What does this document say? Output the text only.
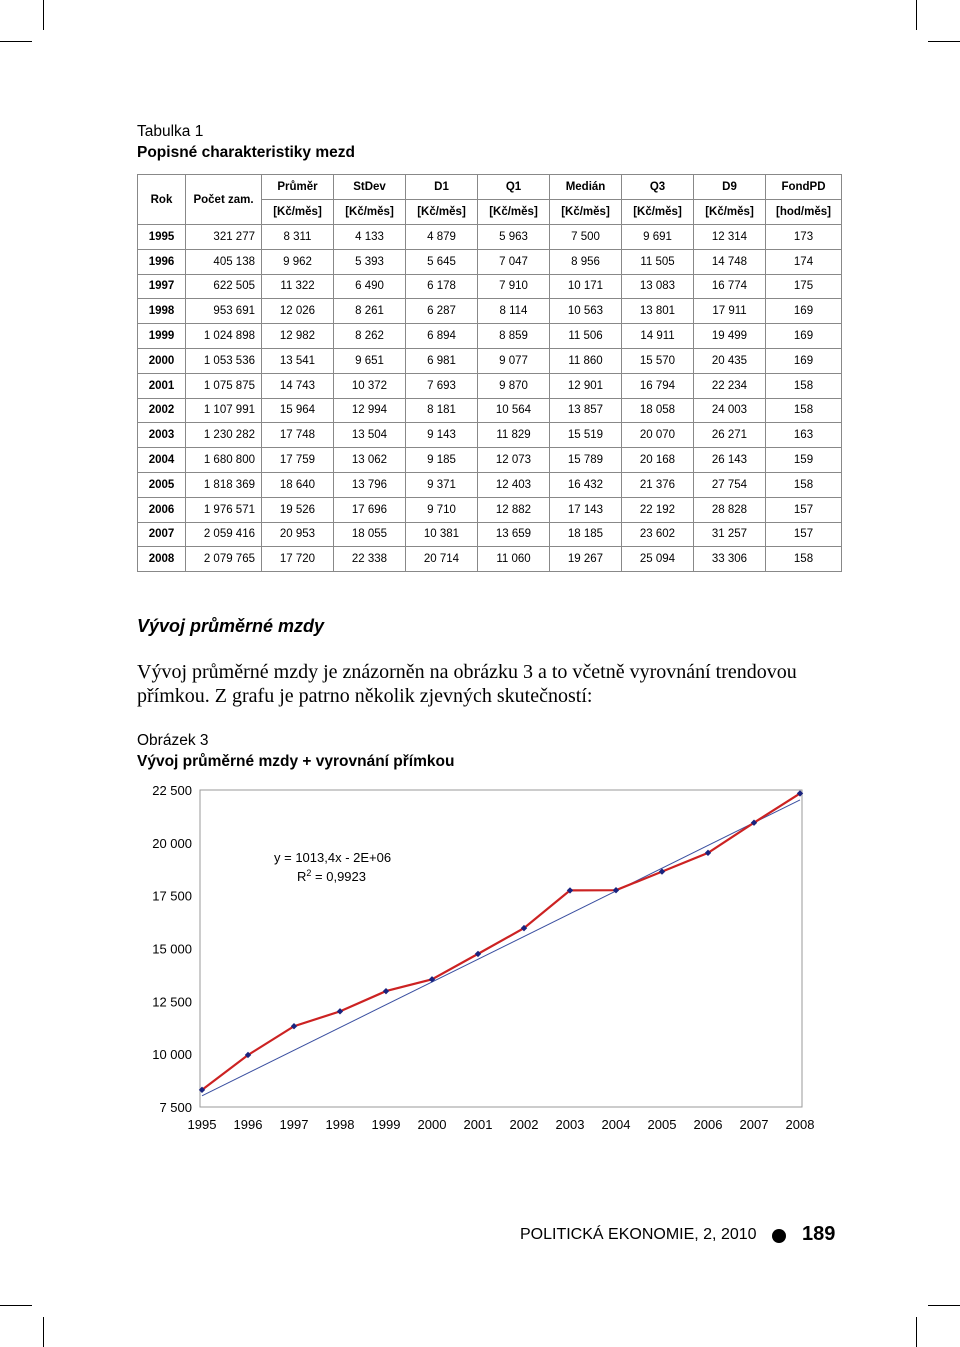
Tabulka 1
Popisné charakteristiky mezd
Rok	Počet zam.	Průměr	StDev	D1	Q1	Medián	Q3	D9	FondPD
		[Kč/měs]	[Kč/měs]	[Kč/měs]	[Kč/měs]	[Kč/měs]	[Kč/měs]	[Kč/měs]	[hod/měs]
1995	321 277	8 311	4 133	4 879	5 963	7 500	9 691	12 314	173
1996	405 138	9 962	5 393	5 645	7 047	8 956	11 505	14 748	174
1997	622 505	11 322	6 490	6 178	7 910	10 171	13 083	16 774	175
1998	953 691	12 026	8 261	6 287	8 114	10 563	13 801	17 911	169
1999	1 024 898	12 982	8 262	6 894	8 859	11 506	14 911	19 499	169
2000	1 053 536	13 541	9 651	6 981	9 077	11 860	15 570	20 435	169
2001	1 075 875	14 743	10 372	7 693	9 870	12 901	16 794	22 234	158
2002	1 107 991	15 964	12 994	8 181	10 564	13 857	18 058	24 003	158
2003	1 230 282	17 748	13 504	9 143	11 829	15 519	20 070	26 271	163
2004	1 680 800	17 759	13 062	9 185	12 073	15 789	20 168	26 143	159
2005	1 818 369	18 640	13 796	9 371	12 403	16 432	21 376	27 754	158
2006	1 976 571	19 526	17 696	9 710	12 882	17 143	22 192	28 828	157
2007	2 059 416	20 953	18 055	10 381	13 659	18 185	23 602	31 257	157
2008	2 079 765	17 720	22 338	20 714	11 060	19 267	25 094	33 306	158
Vývoj průměrné mzdy
Vývoj průměrné mzdy je znázorněn na obrázku 3 a to včetně vyrovnání trendovou přímkou. Z grafu je patrno několik zjevných skutečností:
Obrázek 3
Vývoj průměrné mzdy + vyrovnání přímkou
7 500
10 000
12 500
15 000
17 500
20 000
22 500
1995 1996 1997 1998 1999 2000 2001 2002 2003 2004 2005 2006 2007 2008
y = 1013,4x - 2E+06
$R^2 = 0,9923$
POLITICKÁ EKONOMIE, 2, 2010 189
